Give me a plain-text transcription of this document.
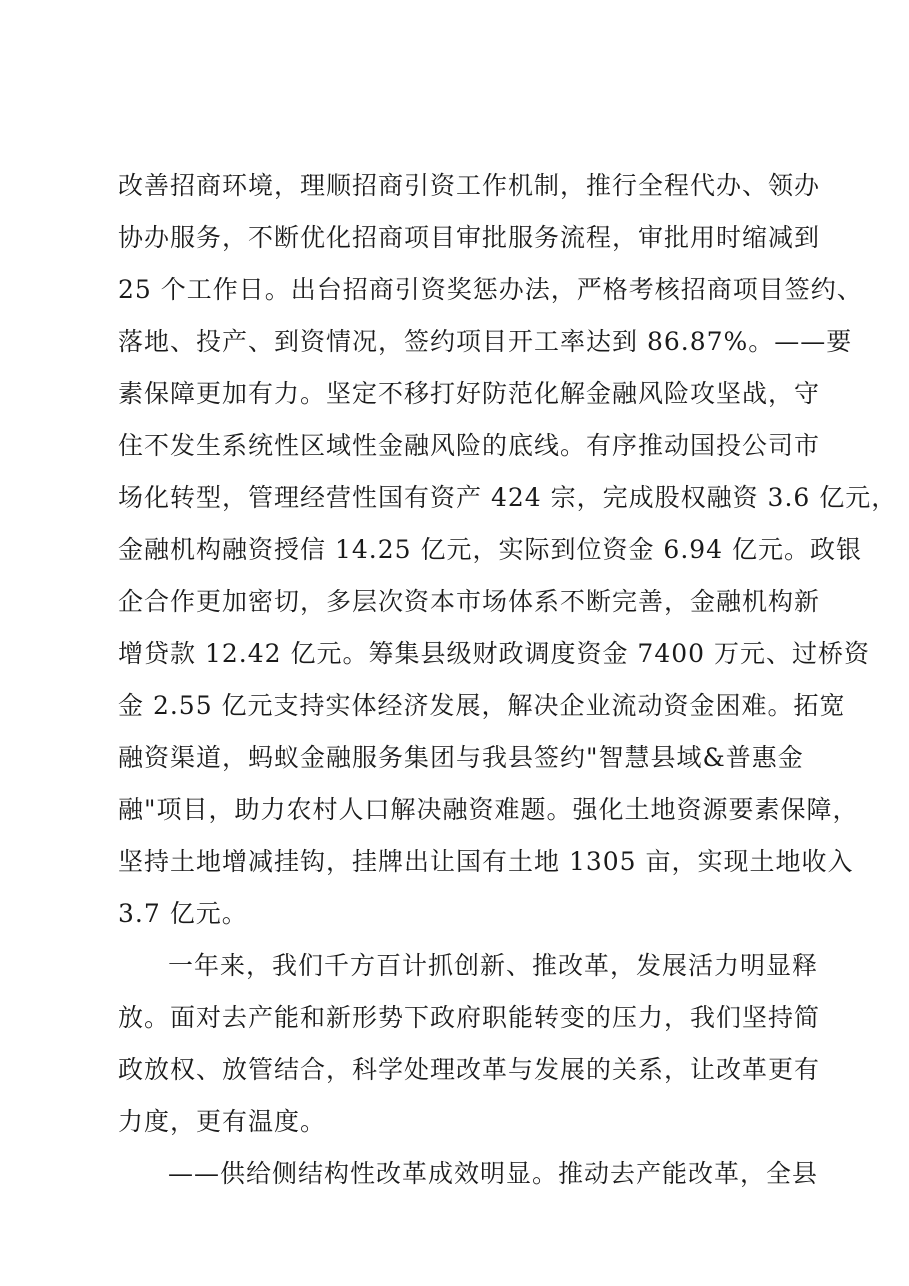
改善招商环境，理顺招商引资工作机制，推行全程代办、领办
协办服务，不断优化招商项目审批服务流程，审批用时缩减到
25 个工作日。出台招商引资奖惩办法，严格考核招商项目签约、
落地、投产、到资情况，签约项目开工率达到 86.87%。——要
素保障更加有力。坚定不移打好防范化解金融风险攻坚战，守
住不发生系统性区域性金融风险的底线。有序推动国投公司市
场化转型，管理经营性国有资产 424 宗，完成股权融资 3.6 亿元，
金融机构融资授信 14.25 亿元，实际到位资金 6.94 亿元。政银
企合作更加密切，多层次资本市场体系不断完善，金融机构新
增贷款 12.42 亿元。筹集县级财政调度资金 7400 万元、过桥资
金 2.55 亿元支持实体经济发展，解决企业流动资金困难。拓宽
融资渠道，蚂蚁金融服务集团与我县签约"智慧县域&普惠金
融"项目，助力农村人口解决融资难题。强化土地资源要素保障，
坚持土地增减挂钩，挂牌出让国有土地 1305 亩，实现土地收入
3.7 亿元。
一年来，我们千方百计抓创新、推改革，发展活力明显释
放。面对去产能和新形势下政府职能转变的压力，我们坚持简
政放权、放管结合，科学处理改革与发展的关系，让改革更有
力度，更有温度。
——供给侧结构性改革成效明显。推动去产能改革，全县
